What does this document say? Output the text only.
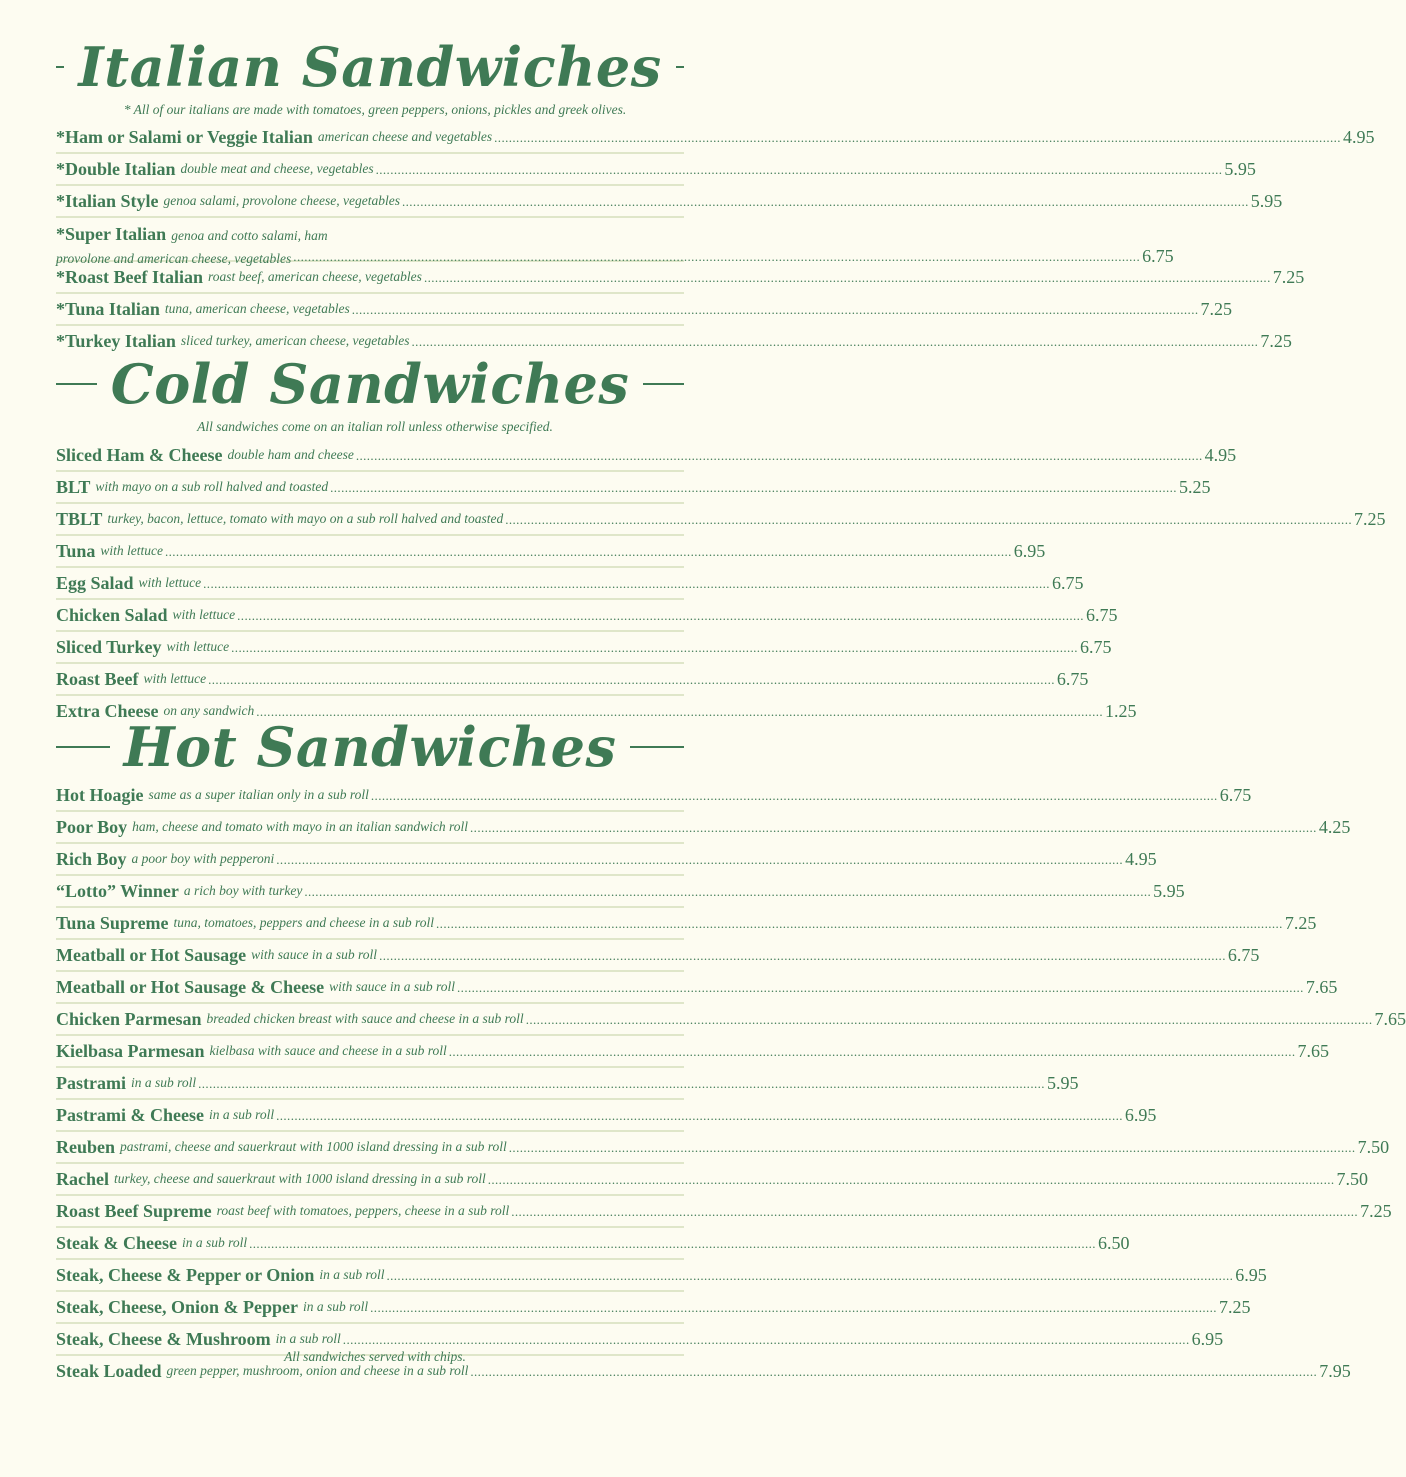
Italian Sandwiches
* All of our italians are made with tomatoes, green peppers, onions, pickles and greek olives.
*Ham or Salami or Veggie Italian american cheese and vegetables .....	4.95
*Double Italian double meat and cheese, vegetables .....	5.95
*Italian Style genoa salami, provolone cheese, vegetables .....	5.95
*Super Italian genoa and cotto salami, ham
provolone and american cheese, vegetables .....	6.75
*Roast Beef Italian roast beef, american cheese, vegetables .....	7.25
*Tuna Italian tuna, american cheese, vegetables .....	7.25
*Turkey Italian sliced turkey, american cheese, vegetables .....	7.25
Cold Sandwiches
All sandwiches come on an italian roll unless otherwise specified.
Sliced Ham & Cheese double ham and cheese .....	4.95
BLT with mayo on a sub roll halved and toasted .....	5.25
TBLT turkey, bacon, lettuce, tomato with mayo on a sub roll halved and toasted .....	7.25
Tuna with lettuce .....	6.95
Egg Salad with lettuce .....	6.75
Chicken Salad with lettuce .....	6.75
Sliced Turkey with lettuce .....	6.75
Roast Beef with lettuce .....	6.75
Extra Cheese on any sandwich .....	1.25
Hot Sandwiches
Hot Hoagie same as a super italian only in a sub roll .....	6.75
Poor Boy ham, cheese and tomato with mayo in an italian sandwich roll .....	4.25
Rich Boy a poor boy with pepperoni .....	4.95
“Lotto” Winner a rich boy with turkey .....	5.95
Tuna Supreme tuna, tomatoes, peppers and cheese in a sub roll .....	7.25
Meatball or Hot Sausage with sauce in a sub roll .....	6.75
Meatball or Hot Sausage & Cheese with sauce in a sub roll .....	7.65
Chicken Parmesan breaded chicken breast with sauce and cheese in a sub roll .....	7.65
Kielbasa Parmesan kielbasa with sauce and cheese in a sub roll .....	7.65
Pastrami in a sub roll .....	5.95
Pastrami & Cheese in a sub roll .....	6.95
Reuben pastrami, cheese and sauerkraut with 1000 island dressing in a sub roll .....	7.50
Rachel turkey, cheese and sauerkraut with 1000 island dressing in a sub roll .....	7.50
Roast Beef Supreme roast beef with tomatoes, peppers, cheese in a sub roll .....	7.25
Steak & Cheese in a sub roll .....	6.50
Steak, Cheese & Pepper or Onion in a sub roll .....	6.95
Steak, Cheese, Onion & Pepper in a sub roll .....	7.25
Steak, Cheese & Mushroom in a sub roll .....	6.95
Steak Loaded green pepper, mushroom, onion and cheese in a sub roll .....	7.95
All sandwiches served with chips.
